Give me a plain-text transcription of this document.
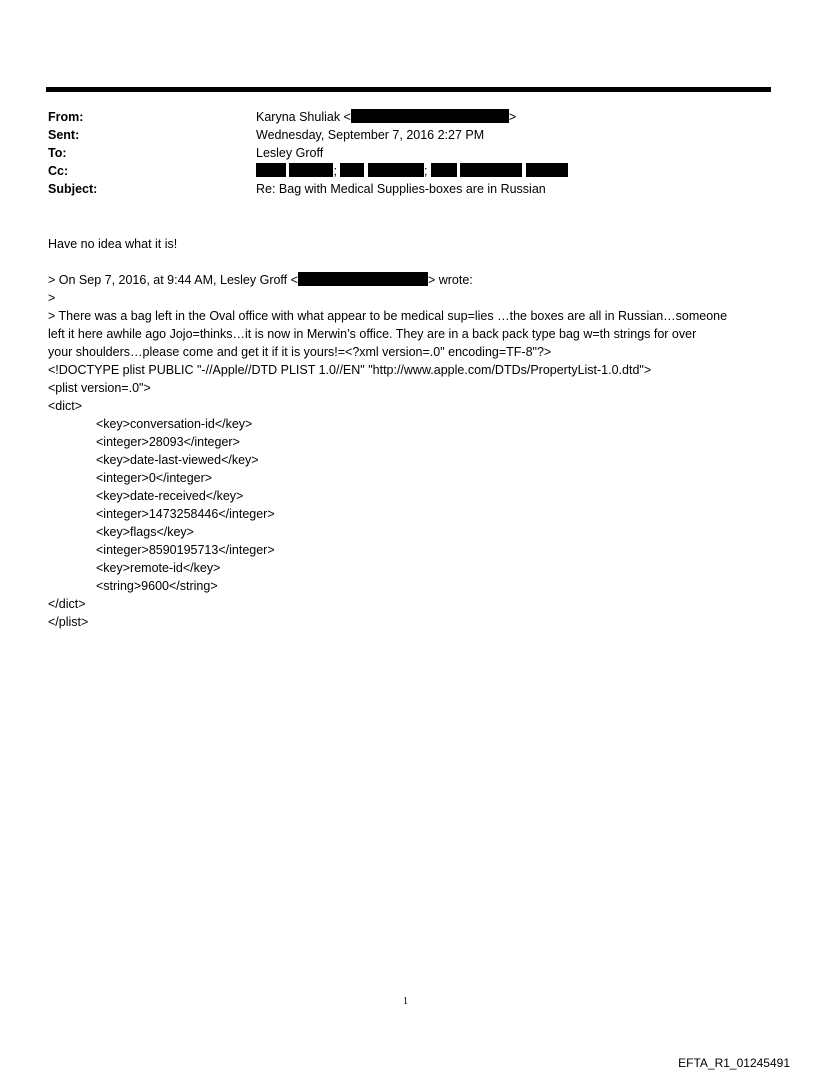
From:	Karyna Shuliak <	>
Sent:	Wednesday, September 7, 2016 2:27 PM
To:	Lesley Groff
Cc:	;	;
Subject:	Re: Bag with Medical Supplies-boxes are in Russian
Have no idea what it is!
> On Sep 7, 2016, at 9:44 AM, Lesley Groff <	> wrote:
>
> There was a bag left in the Oval office with what appear to be medical sup=lies …the boxes are all in Russian…someone
left it here awhile ago Jojo=thinks…it is now in Merwin’s office. They are in a back pack type bag w=th strings for over
your shoulders…please come and get it if it is yours!=<?xml version=.0" encoding=TF-8"?>
<!DOCTYPE plist PUBLIC "-//Apple//DTD PLIST 1.0//EN" "http://www.apple.com/DTDs/PropertyList-1.0.dtd">
<plist version=.0">
<dict>
<key>conversation-id</key>
<integer>28093</integer>
<key>date-last-viewed</key>
<integer>0</integer>
<key>date-received</key>
<integer>1473258446</integer>
<key>flags</key>
<integer>8590195713</integer>
<key>remote-id</key>
<string>9600</string>
</dict>
</plist>
1
EFTA_R1_01245491
